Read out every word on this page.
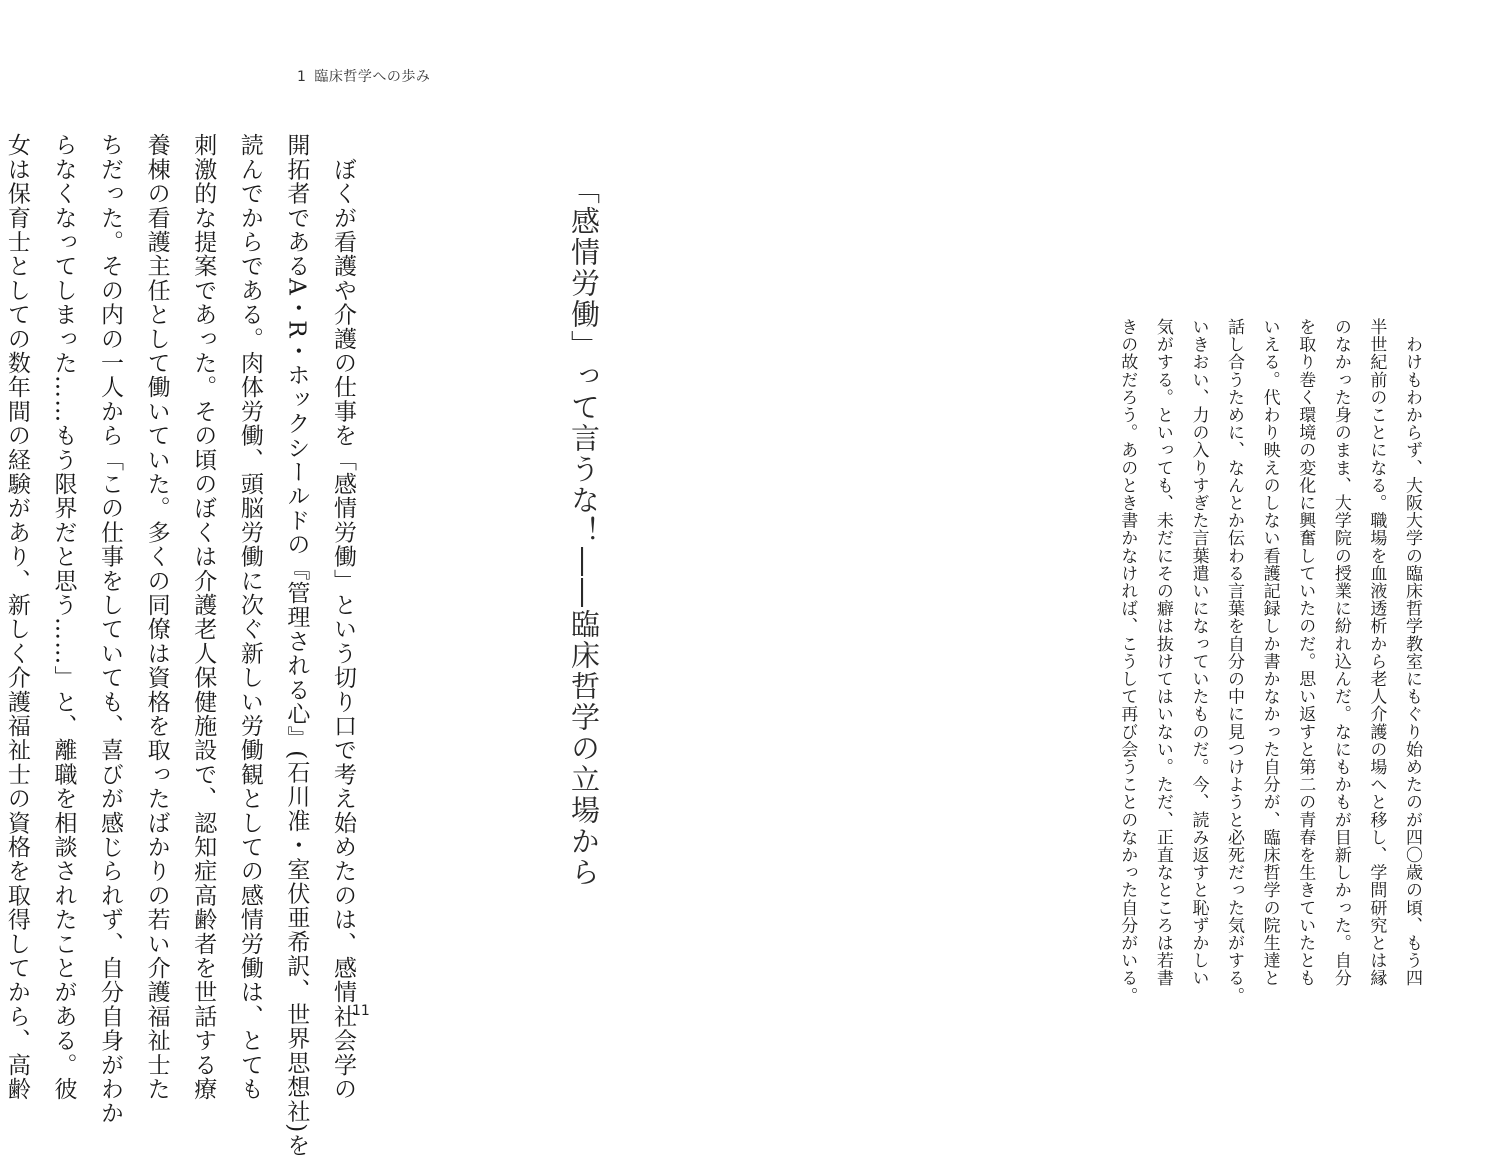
1 臨床哲学への歩み
　ぼくが看護や介護の仕事を「感情労働」という切り口で考え始めたのは、感情社会学の
開拓者であるA・R・ホックシールドの『管理される心』(石川准・室伏亜希訳、世界思想社)を
読んでからである。肉体労働、頭脳労働に次ぐ新しい労働観としての感情労働は、とても
刺激的な提案であった。その頃のぼくは介護老人保健施設で、認知症高齢者を世話する療
養棟の看護主任として働いていた。多くの同僚は資格を取ったばかりの若い介護福祉士た
ちだった。その内の一人から「この仕事をしていても、喜びが感じられず、自分自身がわか
らなくなってしまった……もう限界だと思う……」と、離職を相談されたことがある。彼
女は保育士としての数年間の経験があり、新しく介護福祉士の資格を取得してから、高齢	「感情労働」って言うな！――臨床哲学の立場から	　わけもわからず、大阪大学の臨床哲学教室にもぐり始めたのが四〇歳の頃、もう四
半世紀前のことになる。職場を血液透析から老人介護の場へと移し、学問研究とは縁
のなかった身のまま、大学院の授業に紛れ込んだ。なにもかもが目新しかった。自分
を取り巻く環境の変化に興奮していたのだ。思い返すと第二の青春を生きていたとも
いえる。代わり映えのしない看護記録しか書かなかった自分が、臨床哲学の院生達と
話し合うために、なんとか伝わる言葉を自分の中に見つけようと必死だった気がする。
いきおい、力の入りすぎた言葉遣いになっていたものだ。今、読み返すと恥ずかしい
気がする。といっても、未だにその癖は抜けてはいない。ただ、正直なところは若書
きの故だろう。あのとき書かなければ、こうして再び会うことのなかった自分がいる。
11
